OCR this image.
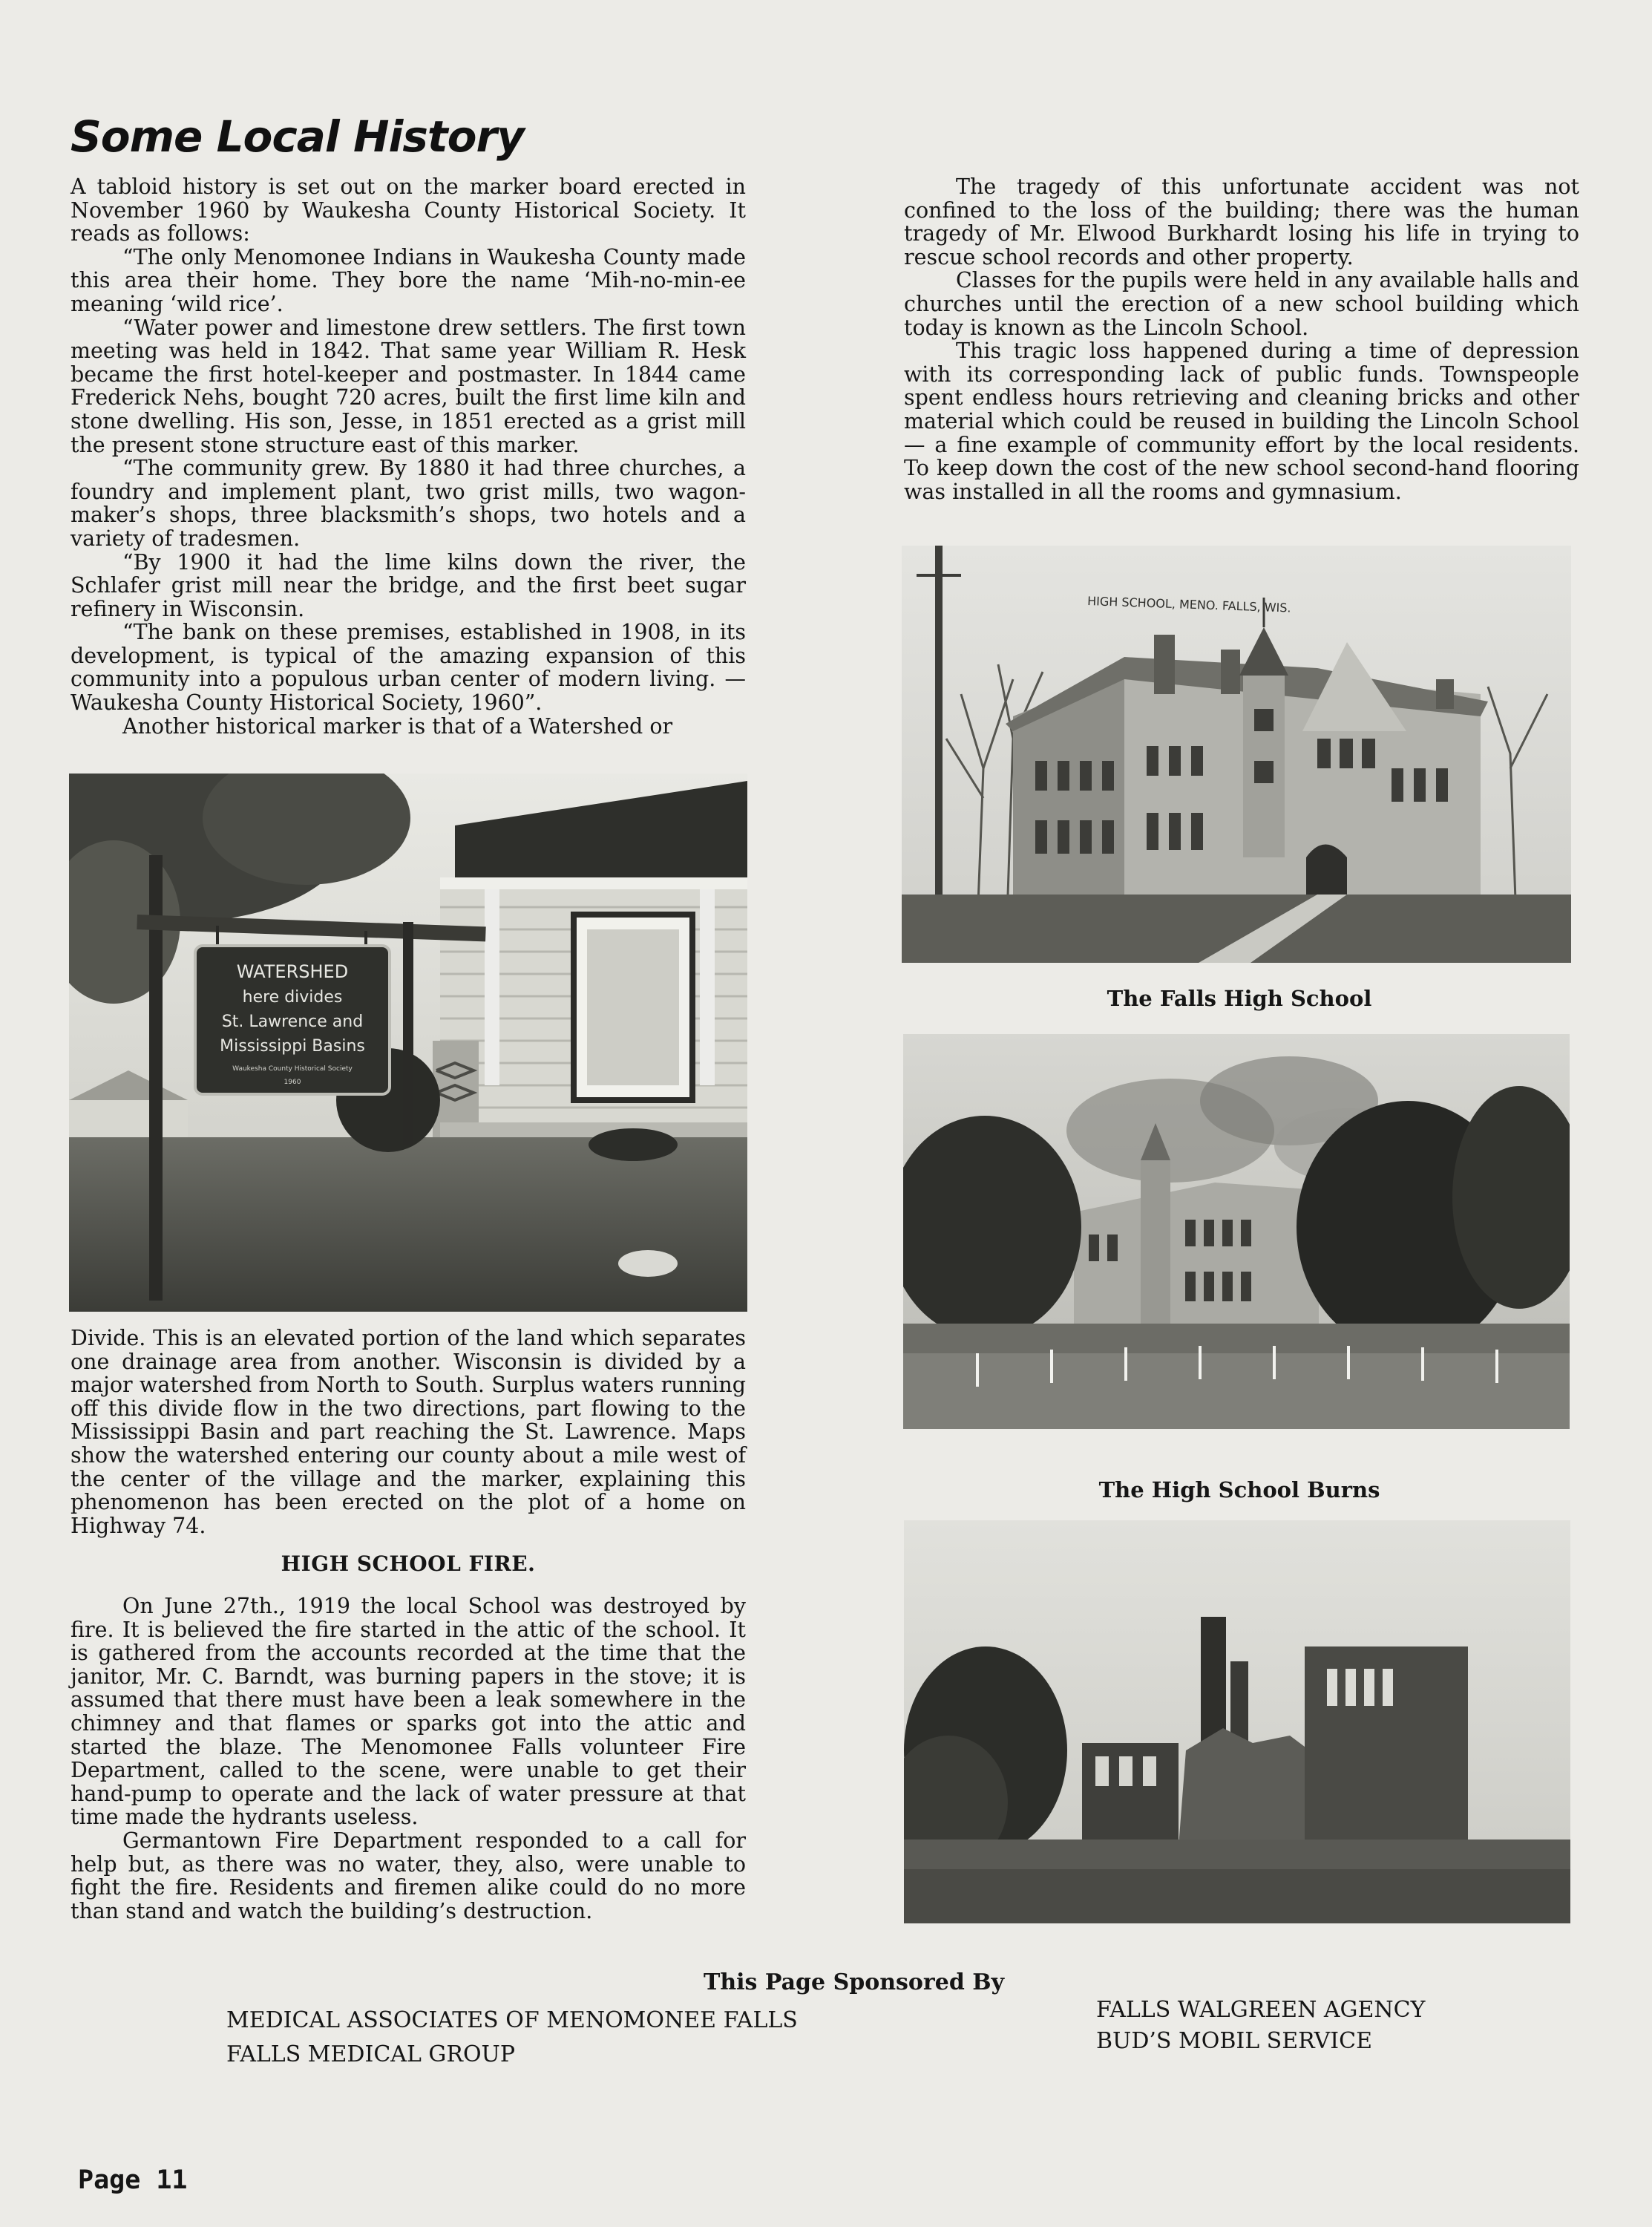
Some Local History

A tabloid history is set out on the marker board erected in November 1960 by Waukesha County Historical Society. It reads as follows:

“The only Menomonee Indians in Waukesha County made this area their home. They bore the name ‘Mih-no-min-ee meaning ‘wild rice’.

“Water power and limestone drew settlers. The first town meeting was held in 1842. That same year William R. Hesk became the first hotel-keeper and postmaster. In 1844 came Frederick Nehs, bought 720 acres, built the first lime kiln and stone dwelling. His son, Jesse, in 1851 erected as a grist mill the present stone structure east of this marker.

“The community grew. By 1880 it had three churches, a foundry and implement plant, two grist mills, two wagon-maker’s shops, three blacksmith’s shops, two hotels and a variety of tradesmen.

“By 1900 it had the lime kilns down the river, the Schlafer grist mill near the bridge, and the first beet sugar refinery in Wisconsin.

“The bank on these premises, established in 1908, in its development, is typical of the amazing expansion of this community into a populous urban center of modern living. —Waukesha County Historical Society, 1960”.

Another historical marker is that of a Watershed or

WATERSHED
here divides
St. Lawrence and
Mississippi Basins
Waukesha County Historical Society
1960

Divide. This is an elevated portion of the land which separates one drainage area from another. Wisconsin is divided by a major watershed from North to South. Surplus waters running off this divide flow in the two directions, part flowing to the Mississippi Basin and part reaching the St. Lawrence. Maps show the watershed entering our county about a mile west of the center of the village and the marker, explaining this phenomenon has been erected on the plot of a home on Highway 74.

HIGH SCHOOL FIRE.

On June 27th., 1919 the local School was destroyed by fire. It is believed the fire started in the attic of the school. It is gathered from the accounts recorded at the time that the janitor, Mr. C. Barndt, was burning papers in the stove; it is assumed that there must have been a leak somewhere in the chimney and that flames or sparks got into the attic and started the blaze. The Menomonee Falls volunteer Fire Department, called to the scene, were unable to get their hand-pump to operate and the lack of water pressure at that time made the hydrants useless.

Germantown Fire Department responded to a call for help but, as there was no water, they, also, were unable to fight the fire. Residents and firemen alike could do no more than stand and watch the building’s destruction.

The tragedy of this unfortunate accident was not confined to the loss of the building; there was the human tragedy of Mr. Elwood Burkhardt losing his life in trying to rescue school records and other property.

Classes for the pupils were held in any available halls and churches until the erection of a new school building which today is known as the Lincoln School.

This tragic loss happened during a time of depression with its corresponding lack of public funds. Townspeople spent endless hours retrieving and cleaning bricks and other material which could be reused in building the Lincoln School — a fine example of community effort by the local residents. To keep down the cost of the new school second-hand flooring was installed in all the rooms and gymnasium.

HIGH SCHOOL, MENO. FALLS, WIS.
The Falls High School
The High School Burns
This Page Sponsored By
MEDICAL ASSOCIATES OF MENOMONEE FALLS
FALLS MEDICAL GROUP
FALLS WALGREEN AGENCY
BUD’S MOBIL SERVICE
Page 11
